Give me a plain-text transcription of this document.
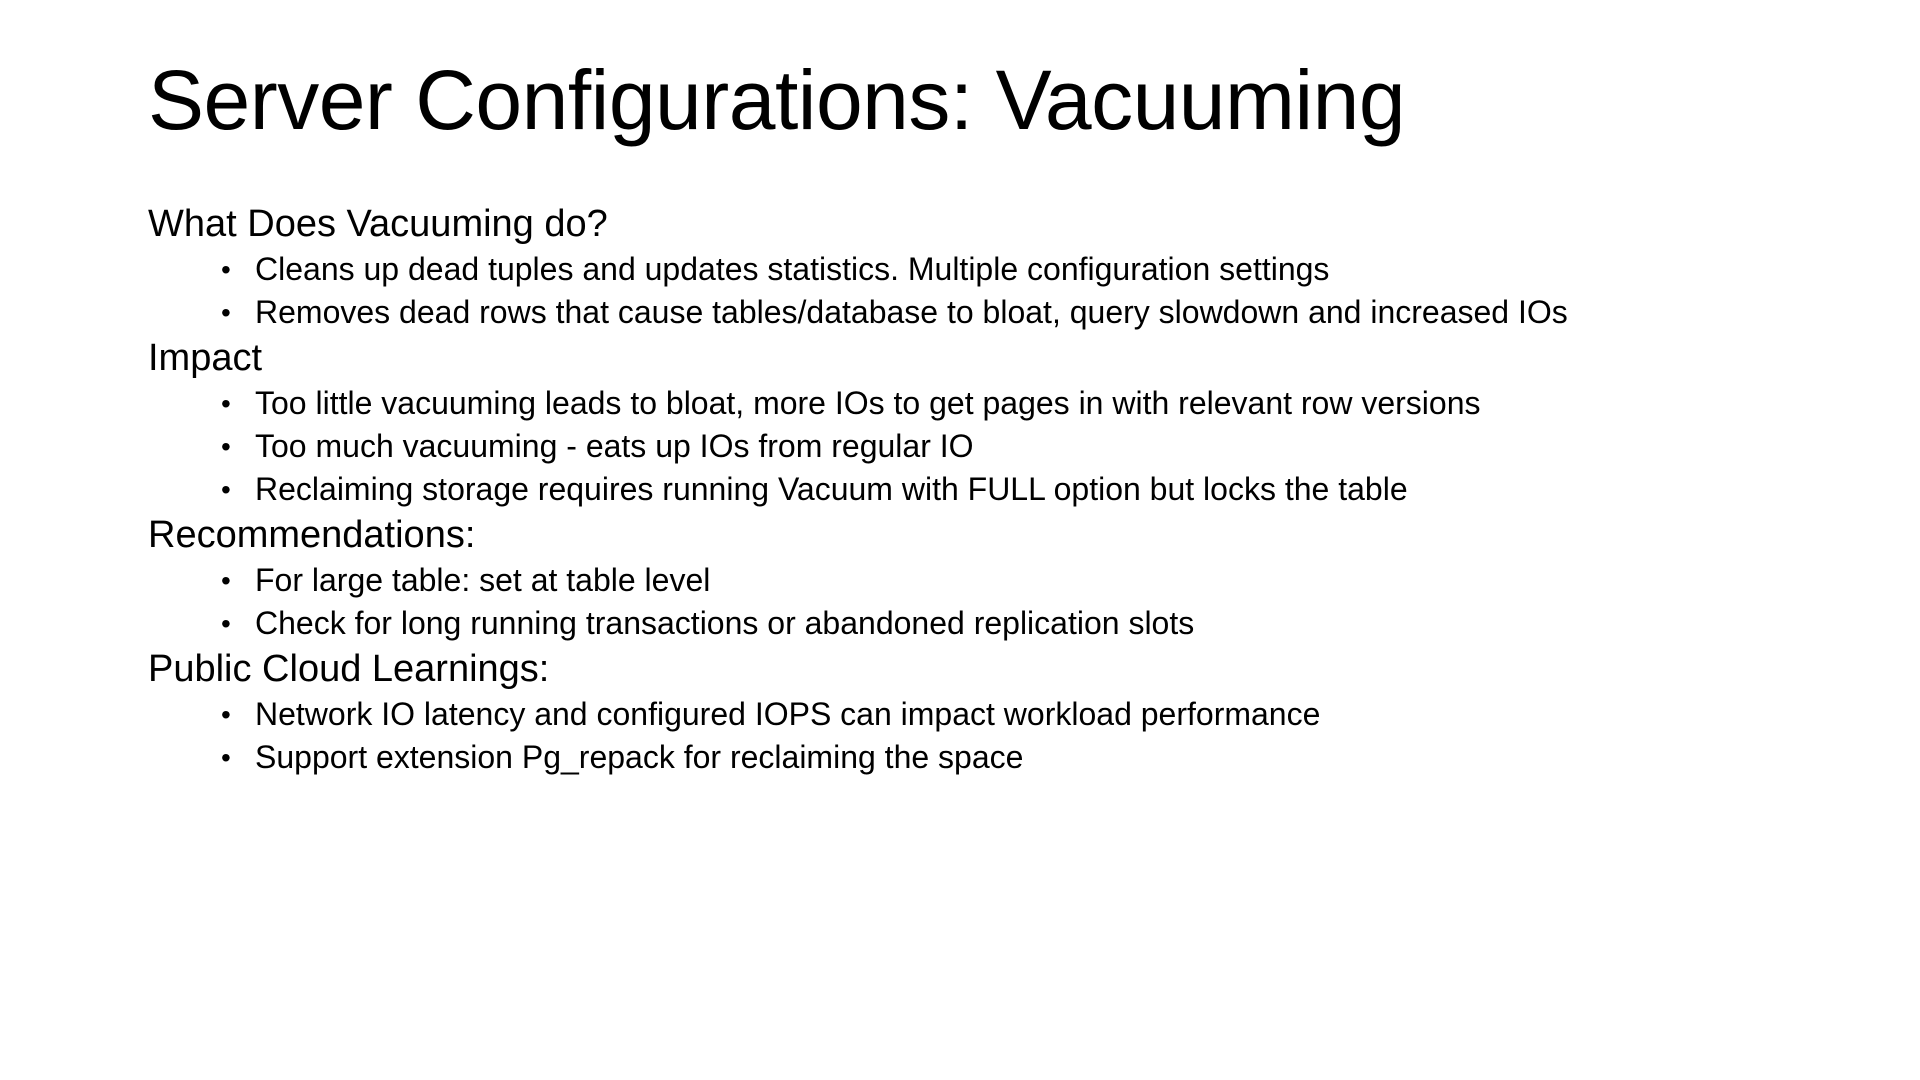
Server Configurations: Vacuuming
What Does Vacuuming do?
• Cleans up dead tuples and updates statistics. Multiple configuration settings
• Removes dead rows that cause tables/database to bloat, query slowdown and increased IOs
Impact
• Too little vacuuming leads to bloat, more IOs to get pages in with relevant row versions
• Too much vacuuming - eats up IOs from regular IO
• Reclaiming storage requires running Vacuum with FULL option but locks the table
Recommendations:
• For large table: set at table level
• Check for long running transactions or abandoned replication slots
Public Cloud Learnings:
• Network IO latency and configured IOPS can impact workload performance
• Support extension Pg_repack for reclaiming the space
